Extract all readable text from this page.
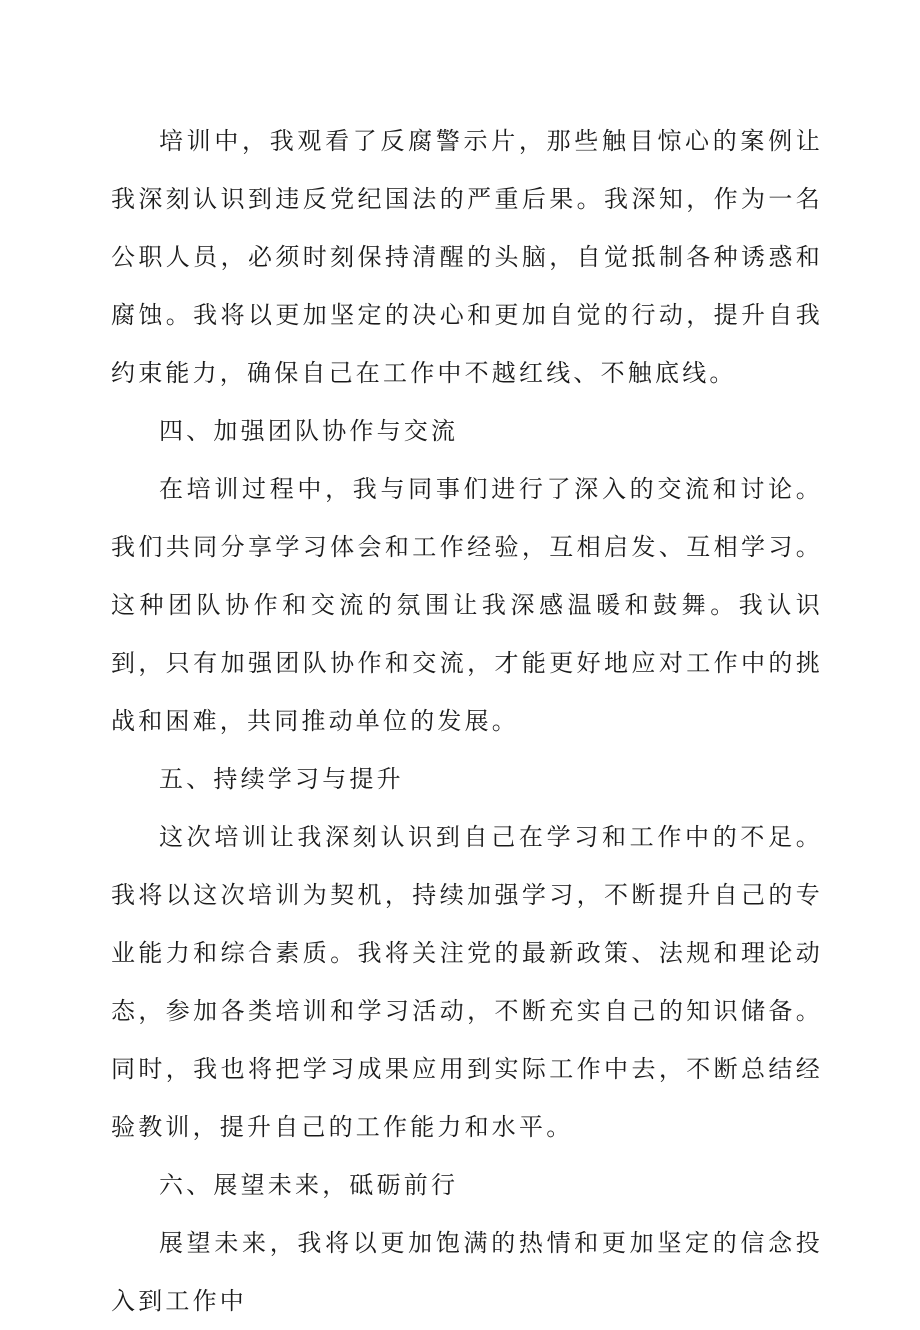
培训中，我观看了反腐警示片，那些触目惊心的案例让我深刻认识到违反党纪国法的严重后果。我深知，作为一名公职人员，必须时刻保持清醒的头脑，自觉抵制各种诱惑和腐蚀。我将以更加坚定的决心和更加自觉的行动，提升自我约束能力，确保自己在工作中不越红线、不触底线。

四、加强团队协作与交流

在培训过程中，我与同事们进行了深入的交流和讨论。我们共同分享学习体会和工作经验，互相启发、互相学习。这种团队协作和交流的氛围让我深感温暖和鼓舞。我认识到，只有加强团队协作和交流，才能更好地应对工作中的挑战和困难，共同推动单位的发展。

五、持续学习与提升

这次培训让我深刻认识到自己在学习和工作中的不足。我将以这次培训为契机，持续加强学习，不断提升自己的专业能力和综合素质。我将关注党的最新政策、法规和理论动态，参加各类培训和学习活动，不断充实自己的知识储备。同时，我也将把学习成果应用到实际工作中去，不断总结经验教训，提升自己的工作能力和水平。

六、展望未来，砥砺前行

展望未来，我将以更加饱满的热情和更加坚定的信念投入到工作中
